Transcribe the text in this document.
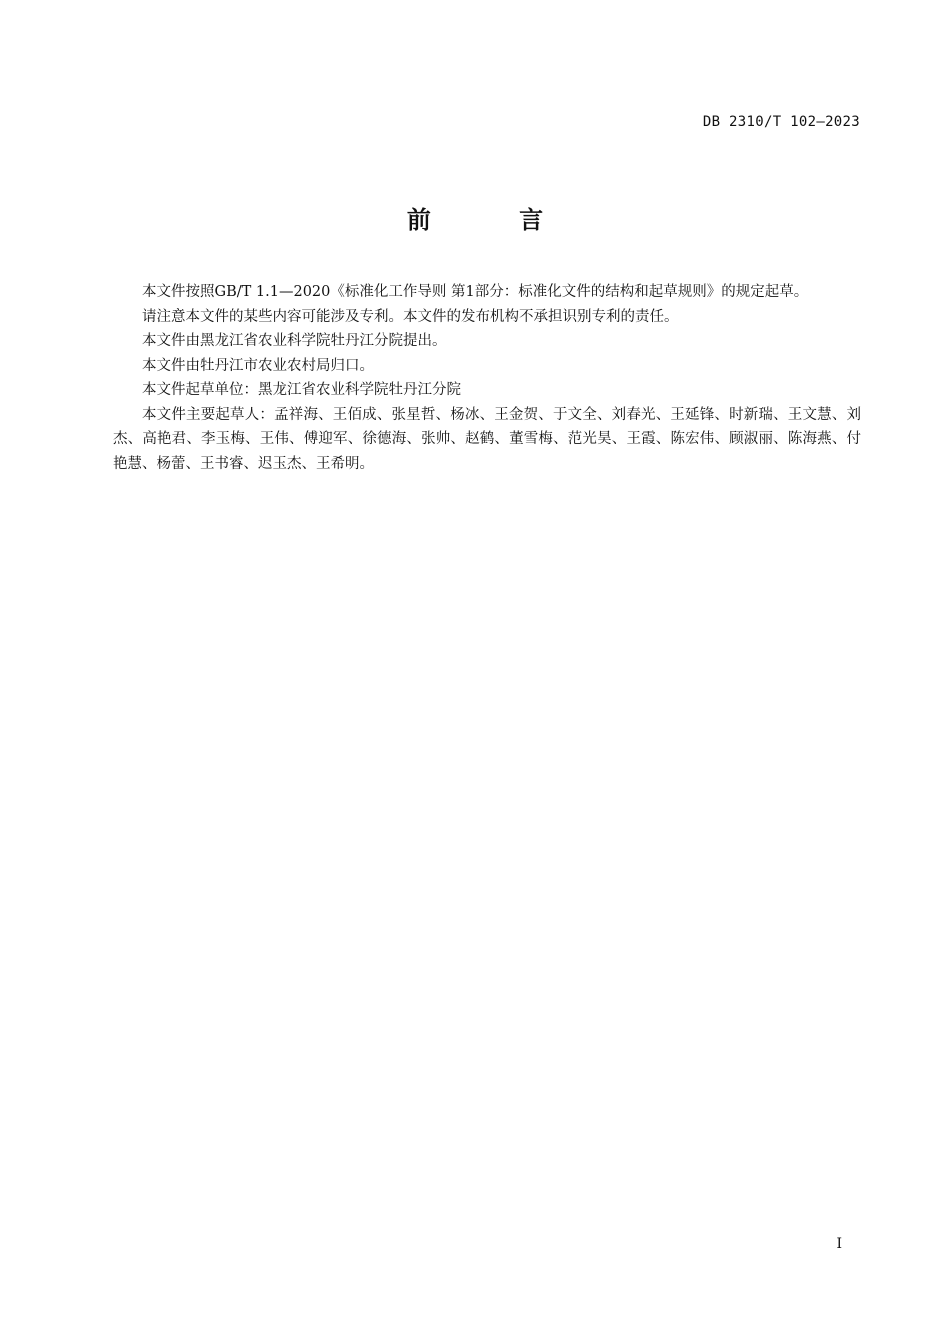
DB 2310/T 102—2023
前 言

本文件按照GB/T 1.1—2020《标准化工作导则 第1部分：标准化文件的结构和起草规则》的规定起草。

请注意本文件的某些内容可能涉及专利。本文件的发布机构不承担识别专利的责任。

本文件由黑龙江省农业科学院牡丹江分院提出。

本文件由牡丹江市农业农村局归口。

本文件起草单位：黑龙江省农业科学院牡丹江分院

本文件主要起草人：孟祥海、王佰成、张星哲、杨冰、王金贺、于文全、刘春光、王延锋、时新瑞、王文慧、刘杰、高艳君、李玉梅、王伟、傅迎军、徐德海、张帅、赵鹤、董雪梅、范光昊、王霞、陈宏伟、顾淑丽、陈海燕、付艳慧、杨蕾、王书睿、迟玉杰、王希明。

I
